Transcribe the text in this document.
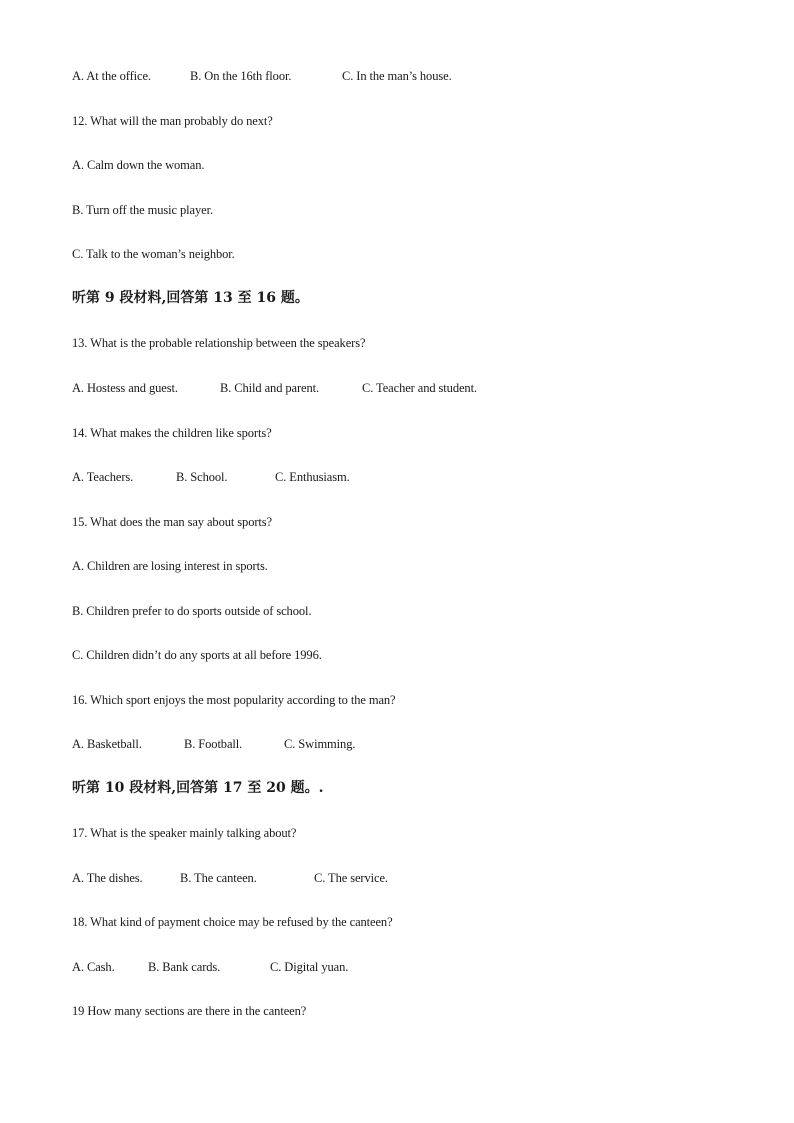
A. At the office.	B. On the 16th floor.	C. In the man’s house.
12. What will the man probably do next?
A. Calm down the woman.
B. Turn off the music player.
C. Talk to the woman’s neighbor.
听第 9 段材料,回答第 13 至 16 题。
13. What is the probable relationship between the speakers?
A. Hostess and guest.	B. Child and parent.	C. Teacher and student.
14. What makes the children like sports?
A. Teachers.	B. School.	C. Enthusiasm.
15. What does the man say about sports?
A. Children are losing interest in sports.
B. Children prefer to do sports outside of school.
C. Children didn’t do any sports at all before 1996.
16. Which sport enjoys the most popularity according to the man?
A. Basketball.	B. Football.	C. Swimming.
听第 10 段材料,回答第 17 至 20 题。.
17. What is the speaker mainly talking about?
A. The dishes.	B. The canteen.	C. The service.
18. What kind of payment choice may be refused by the canteen?
A. Cash.	B. Bank cards.	C. Digital yuan.
19 How many sections are there in the canteen?
